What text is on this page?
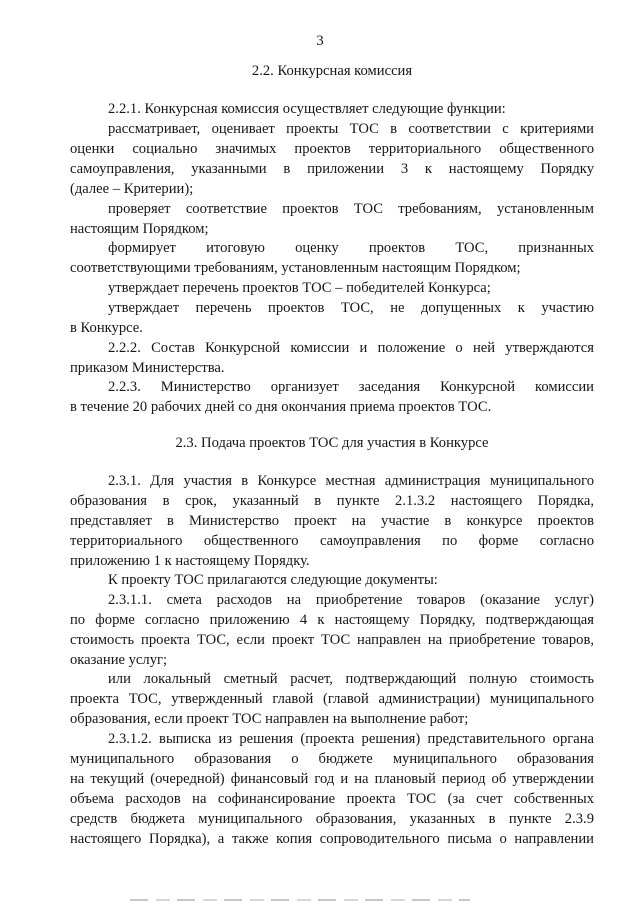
3
2.2. Конкурсная комиссия
2.2.1. Конкурсная комиссия осуществляет следующие функции:
рассматривает, оценивает проекты ТОС в соответствии с критериями
оценки социально значимых проектов территориального общественного
самоуправления, указанными в приложении 3 к настоящему Порядку
(далее – Критерии);
проверяет соответствие проектов ТОС требованиям, установленным
настоящим Порядком;
формирует итоговую оценку проектов ТОС, признанных
соответствующими требованиям, установленным настоящим Порядком;
утверждает перечень проектов ТОС – победителей Конкурса;
утверждает перечень проектов ТОС, не допущенных к участию
в Конкурсе.
2.2.2. Состав Конкурсной комиссии и положение о ней утверждаются
приказом Министерства.
2.2.3. Министерство организует заседания Конкурсной комиссии
в течение 20 рабочих дней со дня окончания приема проектов ТОС.
2.3. Подача проектов ТОС для участия в Конкурсе
2.3.1. Для участия в Конкурсе местная администрация муниципального
образования в срок, указанный в пункте 2.1.3.2 настоящего Порядка,
представляет в Министерство проект на участие в конкурсе проектов
территориального общественного самоуправления по форме согласно
приложению 1 к настоящему Порядку.
К проекту ТОС прилагаются следующие документы:
2.3.1.1. смета расходов на приобретение товаров (оказание услуг)
по форме согласно приложению 4 к настоящему Порядку, подтверждающая
стоимость проекта ТОС, если проект ТОС направлен на приобретение товаров,
оказание услуг;
или локальный сметный расчет, подтверждающий полную стоимость
проекта ТОС, утвержденный главой (главой администрации) муниципального
образования, если проект ТОС направлен на выполнение работ;
2.3.1.2. выписка из решения (проекта решения) представительного органа
муниципального образования о бюджете муниципального образования
на текущий (очередной) финансовый год и на плановый период об утверждении
объема расходов на софинансирование проекта ТОС (за счет собственных
средств бюджета муниципального образования, указанных в пункте 2.3.9
настоящего Порядка), а также копия сопроводительного письма о направлении
